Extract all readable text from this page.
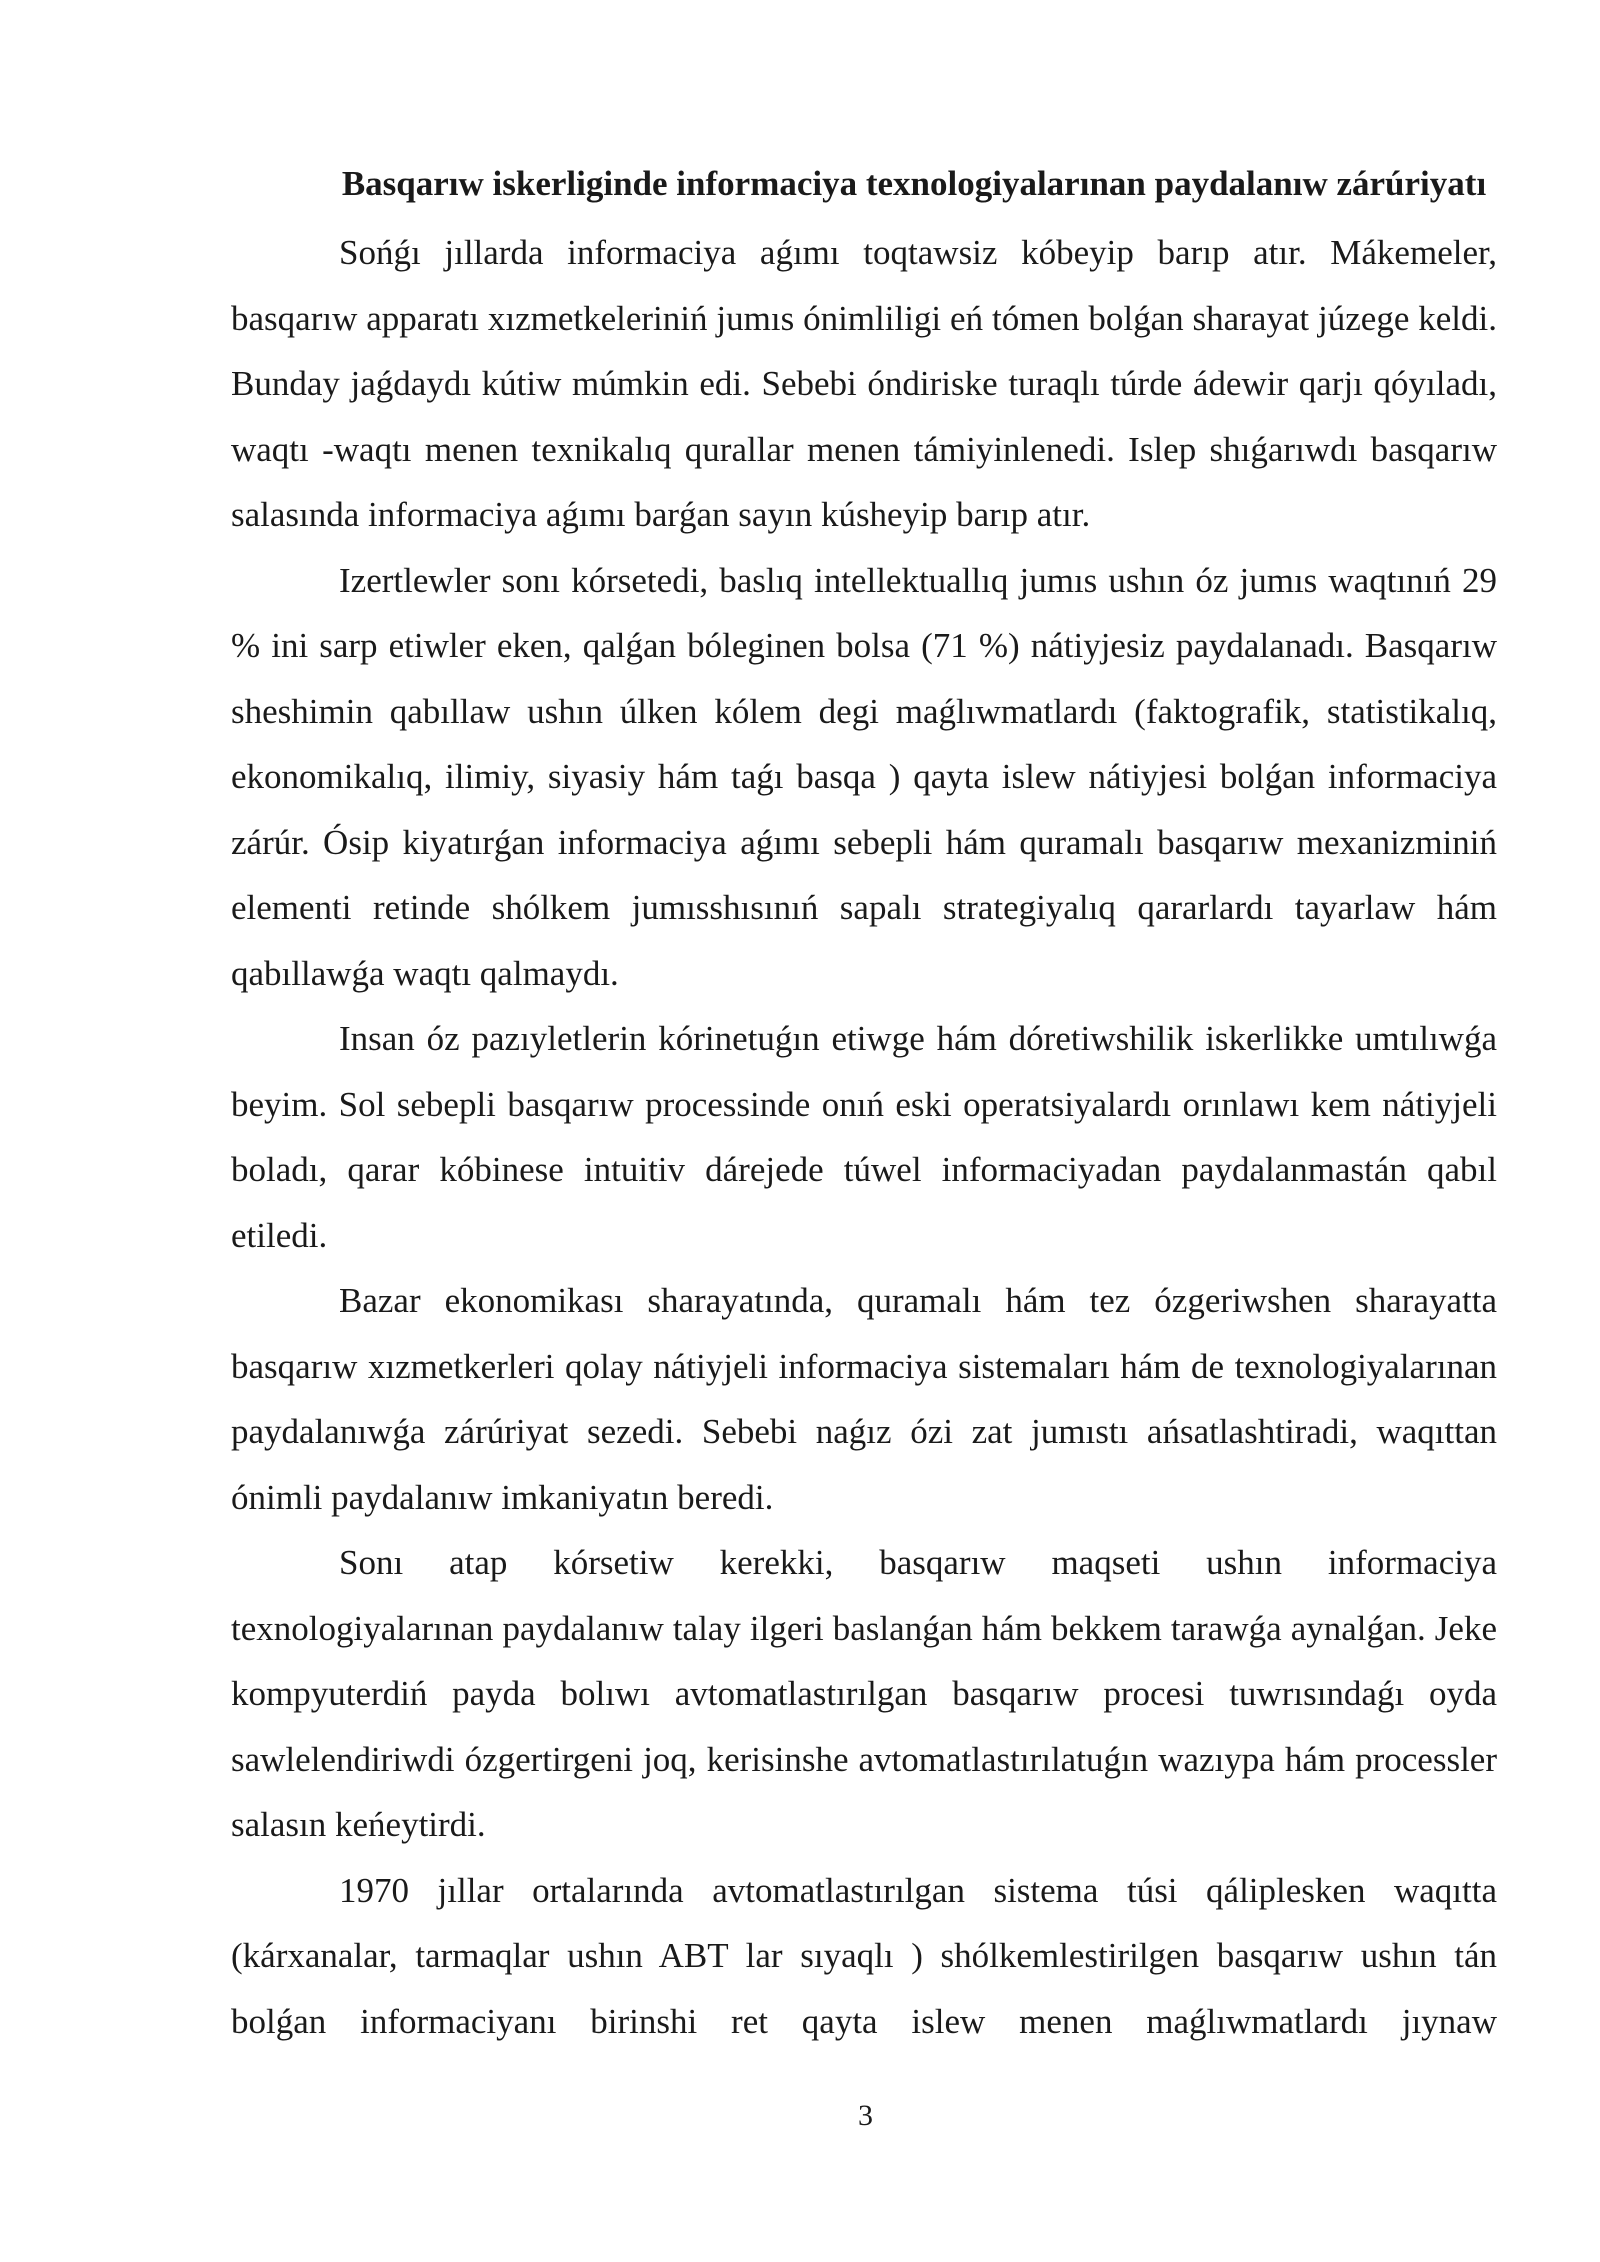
Basqarıw iskerliginde informaciya texnologiyalarınan paydalanıw zárúriyatı

Sońǵı jıllarda informaciya aǵımı toqtawsiz kóbeyip barıp atır. Mákemeler, basqarıw apparatı xızmetkeleriniń jumıs ónimliligi eń tómen bolǵan sharayat júzege keldi. Bunday jaǵdaydı kútiw múmkin edi. Sebebi óndiriske turaqlı túrde ádewir qarjı qóyıladı, waqtı -waqtı menen texnikalıq qurallar menen támiyinlenedi. Islep shıǵarıwdı basqarıw salasında informaciya aǵımı barǵan sayın kúsheyip barıp atır.

Izertlewler sonı kórsetedi, baslıq intellektuallıq jumıs ushın óz jumıs waqtınıń 29 % ini sarp etiwler eken, qalǵan bóleginen bolsa (71 %) nátiyjesiz paydalanadı. Basqarıw sheshimin qabıllaw ushın úlken kólem degi maǵlıwmatlardı (faktografik, statistikalıq, ekonomikalıq, ilimiy, siyasiy hám taǵı basqa ) qayta islew nátiyjesi bolǵan informaciya zárúr. Ósip kiyatırǵan informaciya aǵımı sebepli hám quramalı basqarıw mexanizminiń elementi retinde shólkem jumısshısınıń sapalı strategiyalıq qararlardı tayarlaw hám qabıllawǵa waqtı qalmaydı.

Insan óz pazıyletlerin kórinetuǵın etiwge hám dóretiwshilik iskerlikke umtılıwǵa beyim. Sol sebepli basqarıw processinde onıń eski operatsiyalardı orınlawı kem nátiyjeli boladı, qarar kóbinese intuitiv dárejede túwel informaciyadan paydalanmastán qabıl etiledi.

Bazar ekonomikası sharayatında, quramalı hám tez ózgeriwshen sharayatta basqarıw xızmetkerleri qolay nátiyjeli informaciya sistemaları hám de texnologiyalarınan paydalanıwǵa zárúriyat sezedi. Sebebi naǵız ózi zat jumıstı ańsatlashtiradi, waqıttan ónimli paydalanıw imkaniyatın beredi.

Sonı atap kórsetiw kerekki, basqarıw maqseti ushın informaciya texnologiyalarınan paydalanıw talay ilgeri baslanǵan hám bekkem tarawǵa aynalǵan. Jeke kompyuterdiń payda bolıwı avtomatlastırılgan basqarıw procesi tuwrısındaǵı oyda sawlelendiriwdi ózgertirgeni joq, kerisinshe avtomatlastırılatuǵın wazıypa hám processler salasın keńeytirdi.

1970 jıllar ortalarında avtomatlastırılgan sistema túsi qáliplesken waqıtta (kárxanalar, tarmaqlar ushın ABT lar sıyaqlı ) shólkemlestirilgen basqarıw ushın tán bolǵan informaciyanı birinshi ret qayta islew menen maǵlıwmatlardı jıynaw

3
